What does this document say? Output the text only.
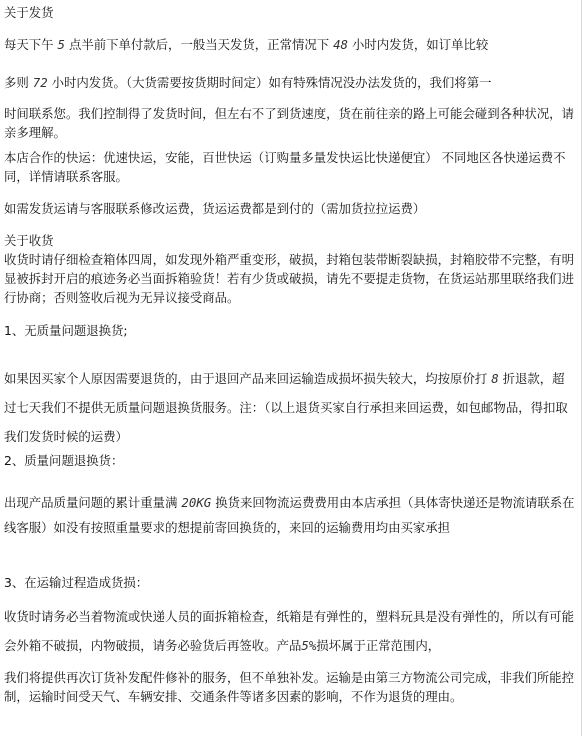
关于发货

每天下午 5 点半前下单付款后，一般当天发货，正常情况下 48 小时内发货，如订单比较

多则 72 小时内发货。（大货需要按货期时间定）如有特殊情况没办法发货的，我们将第一

时间联系您。我们控制得了发货时间，但左右不了到货速度，货在前往亲的路上可能会碰到各种状况，请亲多理解。

本店合作的快运：优速快运，安能，百世快运（订购量多量发快运比快递便宜） 不同地区各快递运费不同，详情请联系客服。

如需发货运请与客服联系修改运费，货运运费都是到付的（需加货拉拉运费）

关于收货

收货时请仔细检查箱体四周，如发现外箱严重变形，破损，封箱包装带断裂缺损，封箱胶带不完整，有明显被拆封开启的痕迹务必当面拆箱验货！若有少货或破损，请先不要提走货物，在货运站那里联络我们进行协商；否则签收后视为无异议接受商品。

1、无质量问题退换货;

如果因买家个人原因需要退货的，由于退回产品来回运输造成损坏损失较大，均按原价打 8 折退款，超过七天我们不提供无质量问题退换货服务。注：（以上退货买家自行承担来回运费，如包邮物品，得扣取我们发货时候的运费）

2、质量问题退换货：

出现产品质量问题的累计重量满 20KG 换货来回物流运费费用由本店承担（具体寄快递还是物流请联系在线客服）如没有按照重量要求的想提前寄回换货的，来回的运输费用均由买家承担

3、在运输过程造成货损：

收货时请务必当着物流或快递人员的面拆箱检查，纸箱是有弹性的，塑料玩具是没有弹性的，所以有可能会外箱不破损，内物破损，请务必验货后再签收。产品5%损坏属于正常范围内，

我们将提供再次订货补发配件修补的服务，但不单独补发。运输是由第三方物流公司完成，非我们所能控制，运输时间受天气、车辆安排、交通条件等诸多因素的影响，不作为退货的理由。
